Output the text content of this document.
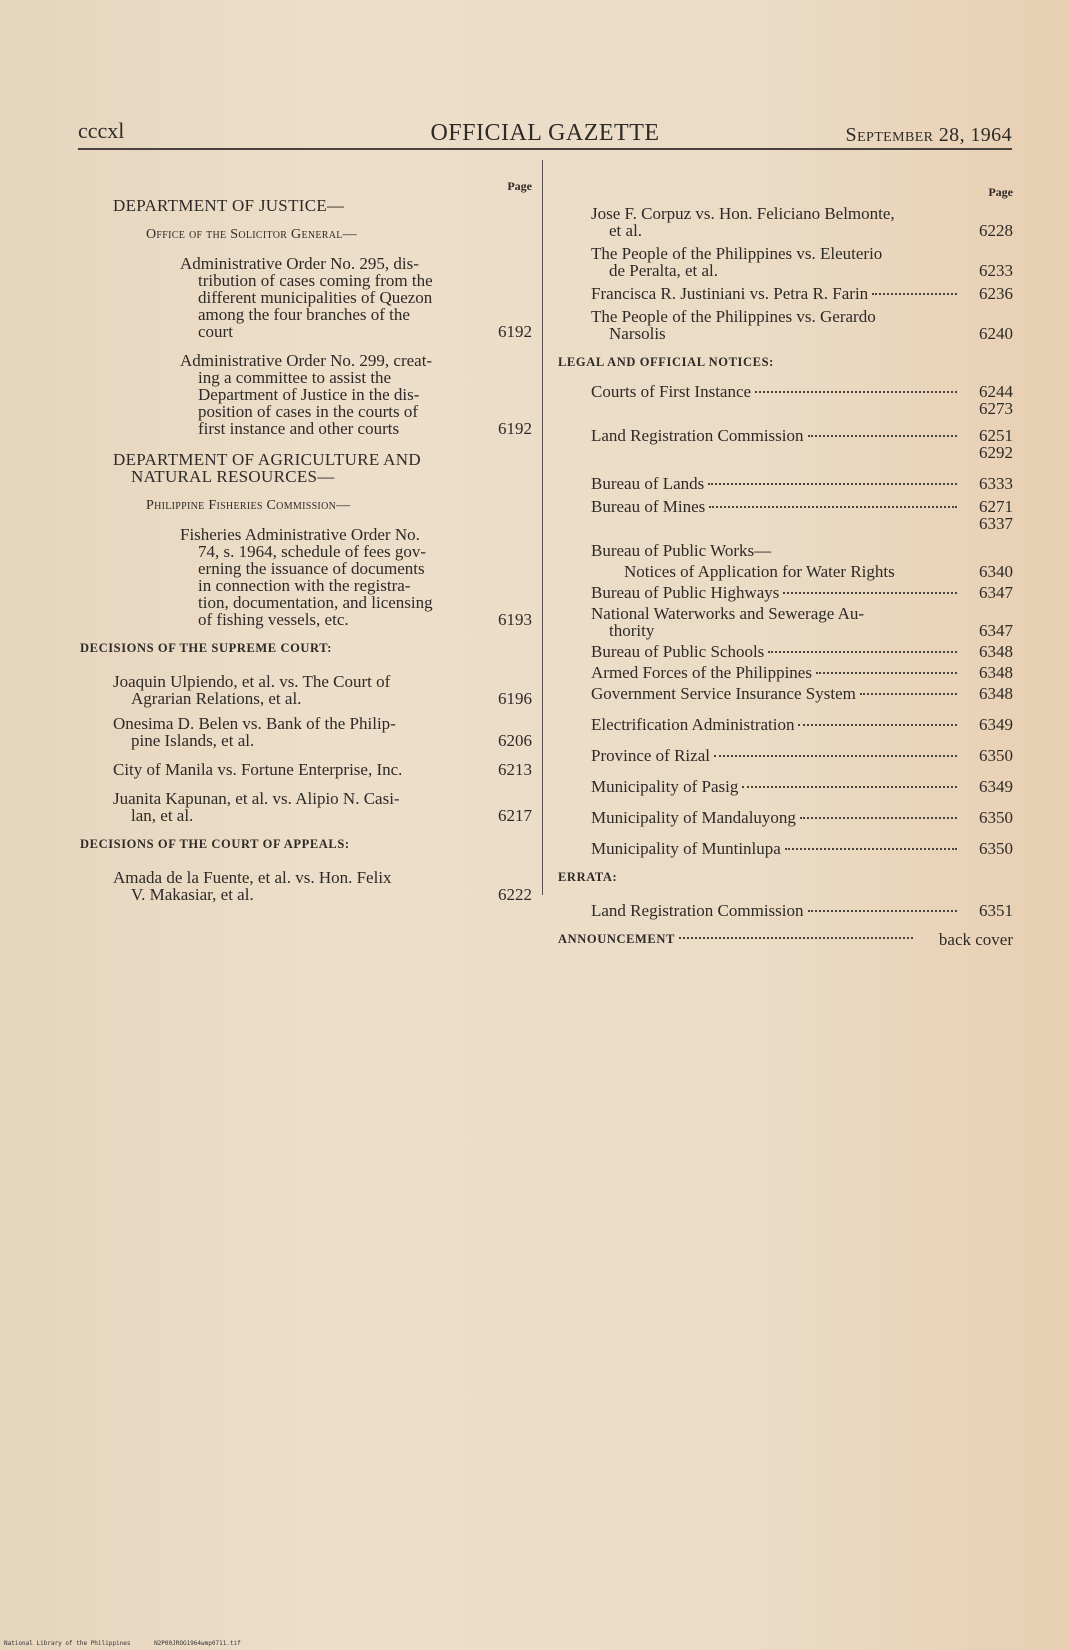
cccxl	OFFICIAL GAZETTE	September 28, 1964
Page
DEPARTMENT OF JUSTICE—
Office of the Solicitor General—
Administrative Order No. 295, dis-
tribution of cases coming from the
different municipalities of Quezon
among the four branches of the
court	6192
Administrative Order No. 299, creat-
ing a committee to assist the
Department of Justice in the dis-
position of cases in the courts of
first instance and other courts	6192
DEPARTMENT OF AGRICULTURE AND
NATURAL RESOURCES—
Philippine Fisheries Commission—
Fisheries Administrative Order No.
74, s. 1964, schedule of fees gov-
erning the issuance of documents
in connection with the registra-
tion, documentation, and licensing
of fishing vessels, etc.	6193
DECISIONS OF THE SUPREME COURT:
Joaquin Ulpiendo, et al. vs. The Court of
Agrarian Relations, et al.	6196
Onesima D. Belen vs. Bank of the Philip-
pine Islands, et al.	6206
City of Manila vs. Fortune Enterprise, Inc.	6213
Juanita Kapunan, et al. vs. Alipio N. Casi-
lan, et al.	6217
DECISIONS OF THE COURT OF APPEALS:
Amada de la Fuente, et al. vs. Hon. Felix
V. Makasiar, et al.	6222
Page
Jose F. Corpuz vs. Hon. Feliciano Belmonte,
et al.	6228
The People of the Philippines vs. Eleuterio
de Peralta, et al.	6233
Francisca R. Justiniani vs. Petra R. Farin	6236
The People of the Philippines vs. Gerardo
Narsolis	6240
LEGAL AND OFFICIAL NOTICES:
Courts of First Instance	6244
6273
Land Registration Commission	6251
6292
Bureau of Lands	6333
Bureau of Mines	6271
6337
Bureau of Public Works—
Notices of Application for Water Rights	6340
Bureau of Public Highways	6347
National Waterworks and Sewerage Au-
thority	6347
Bureau of Public Schools	6348
Armed Forces of the Philippines	6348
Government Service Insurance System	6348
Electrification Administration	6349
Province of Rizal	6350
Municipality of Pasig	6349
Municipality of Mandaluyong	6350
Municipality of Muntinlupa	6350
ERRATA:
Land Registration Commission	6351
ANNOUNCEMENT	back cover
National Library of the Philippines	N2P00JROG1964wmp0711.tif
